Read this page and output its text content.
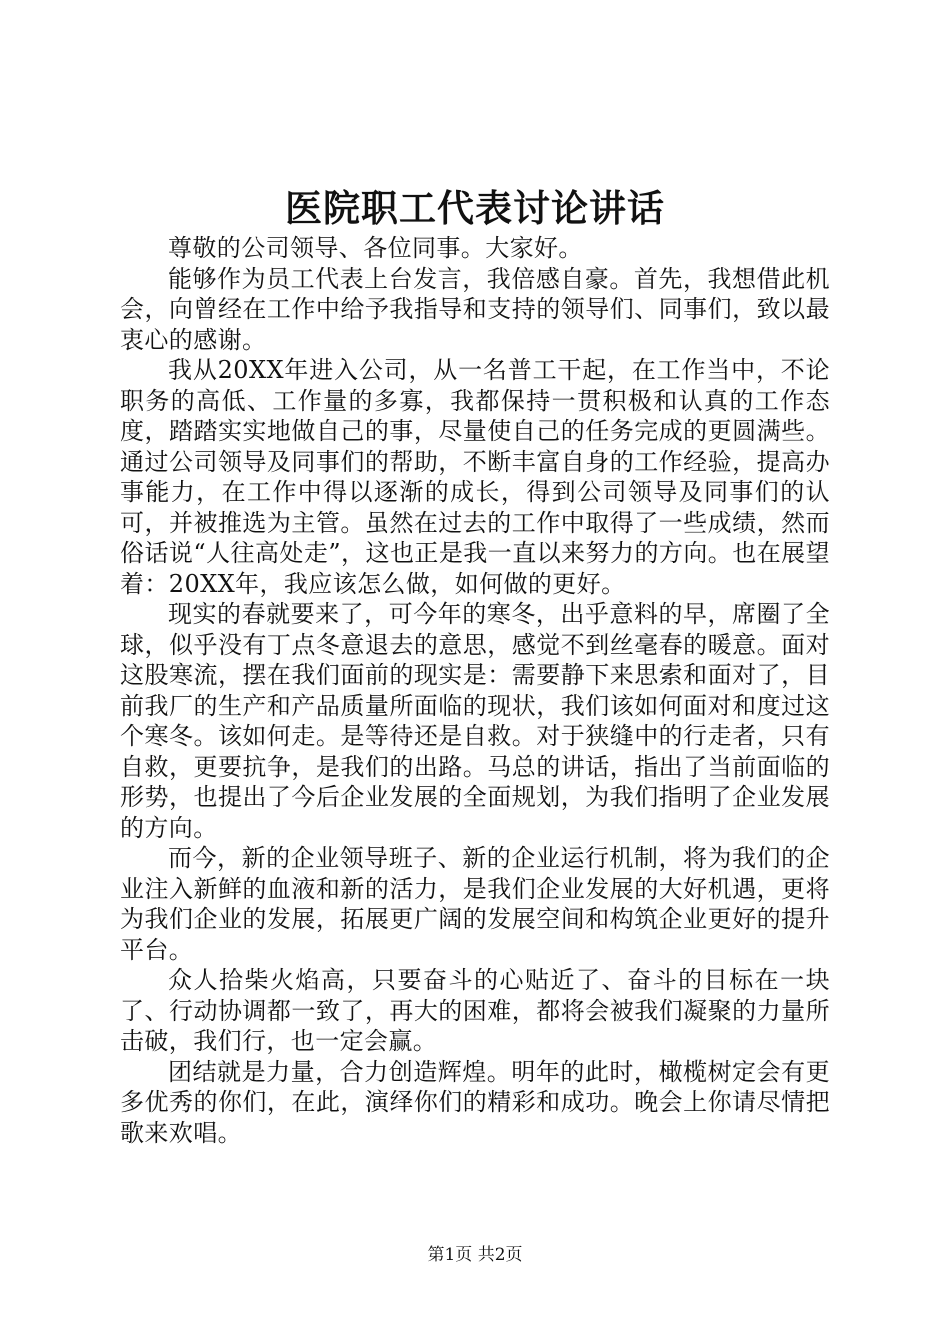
医院职工代表讨论讲话

尊敬的公司领导、各位同事。大家好。

能够作为员工代表上台发言，我倍感自豪。首先，我想借此机会，向曾经在工作中给予我指导和支持的领导们、同事们，致以最衷心的感谢。

我从20XX年进入公司，从一名普工干起，在工作当中，不论职务的高低、工作量的多寡，我都保持一贯积极和认真的工作态度，踏踏实实地做自己的事，尽量使自己的任务完成的更圆满些。通过公司领导及同事们的帮助，不断丰富自身的工作经验，提高办事能力，在工作中得以逐渐的成长，得到公司领导及同事们的认可，并被推选为主管。虽然在过去的工作中取得了一些成绩，然而俗话说“人往高处走”，这也正是我一直以来努力的方向。也在展望着：20XX年，我应该怎么做，如何做的更好。

现实的春就要来了，可今年的寒冬，出乎意料的早，席圈了全球，似乎没有丁点冬意退去的意思，感觉不到丝毫春的暖意。面对这股寒流，摆在我们面前的现实是：需要静下来思索和面对了，目前我厂的生产和产品质量所面临的现状，我们该如何面对和度过这个寒冬。该如何走。是等待还是自救。对于狭缝中的行走者，只有自救，更要抗争，是我们的出路。马总的讲话，指出了当前面临的形势，也提出了今后企业发展的全面规划，为我们指明了企业发展的方向。

而今，新的企业领导班子、新的企业运行机制，将为我们的企业注入新鲜的血液和新的活力，是我们企业发展的大好机遇，更将为我们企业的发展，拓展更广阔的发展空间和构筑企业更好的提升平台。

众人拾柴火焰高，只要奋斗的心贴近了、奋斗的目标在一块了、行动协调都一致了，再大的困难，都将会被我们凝聚的力量所击破，我们行，也一定会赢。

团结就是力量，合力创造辉煌。明年的此时，橄榄树定会有更多优秀的你们，在此，演绎你们的精彩和成功。晚会上你请尽情把歌来欢唱。

第1页 共2页
